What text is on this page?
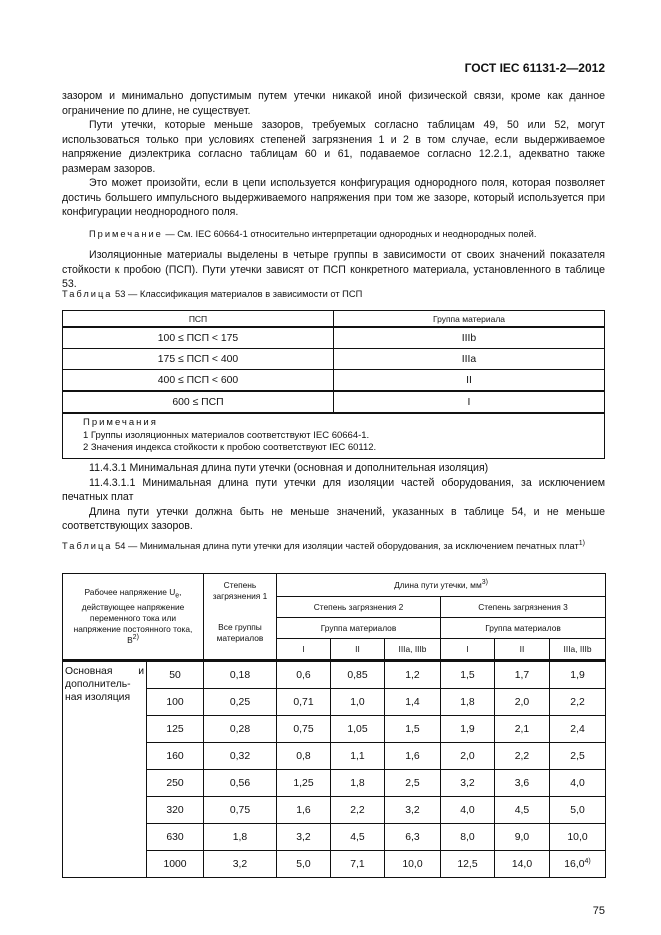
ГОСТ IEC 61131-2—2012

зазором и минимально допустимым путем утечки никакой иной физической связи, кроме как данное ограничение по длине, не существует.

Пути утечки, которые меньше зазоров, требуемых согласно таблицам 49, 50 или 52, могут использоваться только при условиях степеней загрязнения 1 и 2 в том случае, если выдерживаемое напряжение диэлектрика согласно таблицам 60 и 61, подаваемое согласно 12.2.1, адекватно также размерам зазоров.

Это может произойти, если в цепи используется конфигурация однородного поля, которая позволяет достичь большего импульсного выдерживаемого напряжения при том же зазоре, который используется при конфигурации неоднородного поля.

Примечание — См. IEC 60664-1 относительно интерпретации однородных и неоднородных полей.

Изоляционные материалы выделены в четыре группы в зависимости от своих значений показателя стойкости к пробою (ПСП). Пути утечки зависят от ПСП конкретного материала, установленного в таблице 53.

Таблица 53 — Классификация материалов в зависимости от ПСП
ПСП	Группа материала
100 ≤ ПСП < 175	IIIb
175 ≤ ПСП < 400	IIIa
400 ≤ ПСП < 600	II
600 ≤ ПСП	I

Примечания
1 Группы изоляционных материалов соответствуют IEC 60664-1.
2 Значения индекса стойкости к пробою соответствуют IEC 60112.	

11.4.3.1 Минимальная длина пути утечки (основная и дополнительная изоляция)

11.4.3.1.1 Минимальная длина пути утечки для изоляции частей оборудования, за исключением печатных плат

Длина пути утечки должна быть не меньше значений, указанных в таблице 54, и не меньше соответствующих зазоров.

Таблица 54 — Минимальная длина пути утечки для изоляции частей оборудования, за исключением печатных плат$^{1)}$
Рабочее напряжение $U_e$, действующее напряжение переменного тока или напряжение постоянного тока, $В^{2)}$		Степень загрязнения 1	Длина пути утечки, $мм^{3)}$
			Степень загрязнения 2			Степень загрязнения 3		
		Все группы материалов	Группа материалов			Группа материалов		
			I	II	IIIa, IIIb	I	II	IIIa, IIIb

Основная     и
дополнитель-
ная изоляция	50	0,18	0,6	0,85	1,2	1,5	1,7	1,9
	100	0,25	0,71	1,0	1,4	1,8	2,0	2,2
	125	0,28	0,75	1,05	1,5	1,9	2,1	2,4
	160	0,32	0,8	1,1	1,6	2,0	2,2	2,5
	250	0,56	1,25	1,8	2,5	3,2	3,6	4,0
	320	0,75	1,6	2,2	3,2	4,0	4,5	5,0
	630	1,8	3,2	4,5	6,3	8,0	9,0	10,0
	1000	3,2	5,0	7,1	10,0	12,5	14,0	16,0$^{4)}$
75
